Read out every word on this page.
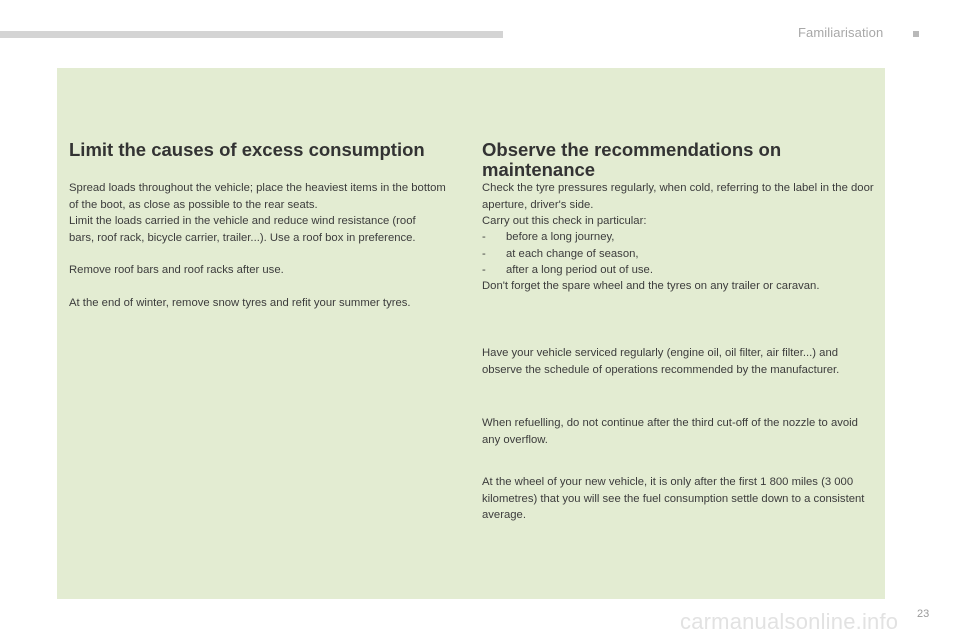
Familiarisation
Limit the causes of excess consumption

Spread loads throughout the vehicle; place the heaviest items in the bottom of the boot, as close as possible to the rear seats.

Limit the loads carried in the vehicle and reduce wind resistance (roof bars, roof rack, bicycle carrier, trailer...). Use a roof box in preference.

Remove roof bars and roof racks after use.

At the end of winter, remove snow tyres and refit your summer tyres.

Observe the recommendations on maintenance

Check the tyre pressures regularly, when cold, referring to the label in the door aperture, driver's side.

Carry out this check in particular:

-	before a long journey,
-	at each change of season,
-	after a long period out of use.

Don't forget the spare wheel and the tyres on any trailer or caravan.

Have your vehicle serviced regularly (engine oil, oil filter, air filter...) and observe the schedule of operations recommended by the manufacturer.

When refuelling, do not continue after the third cut-off of the nozzle to avoid any overflow.

At the wheel of your new vehicle, it is only after the first 1 800 miles (3 000 kilometres) that you will see the fuel consumption settle down to a consistent average.

carmanualsonline.info 23
